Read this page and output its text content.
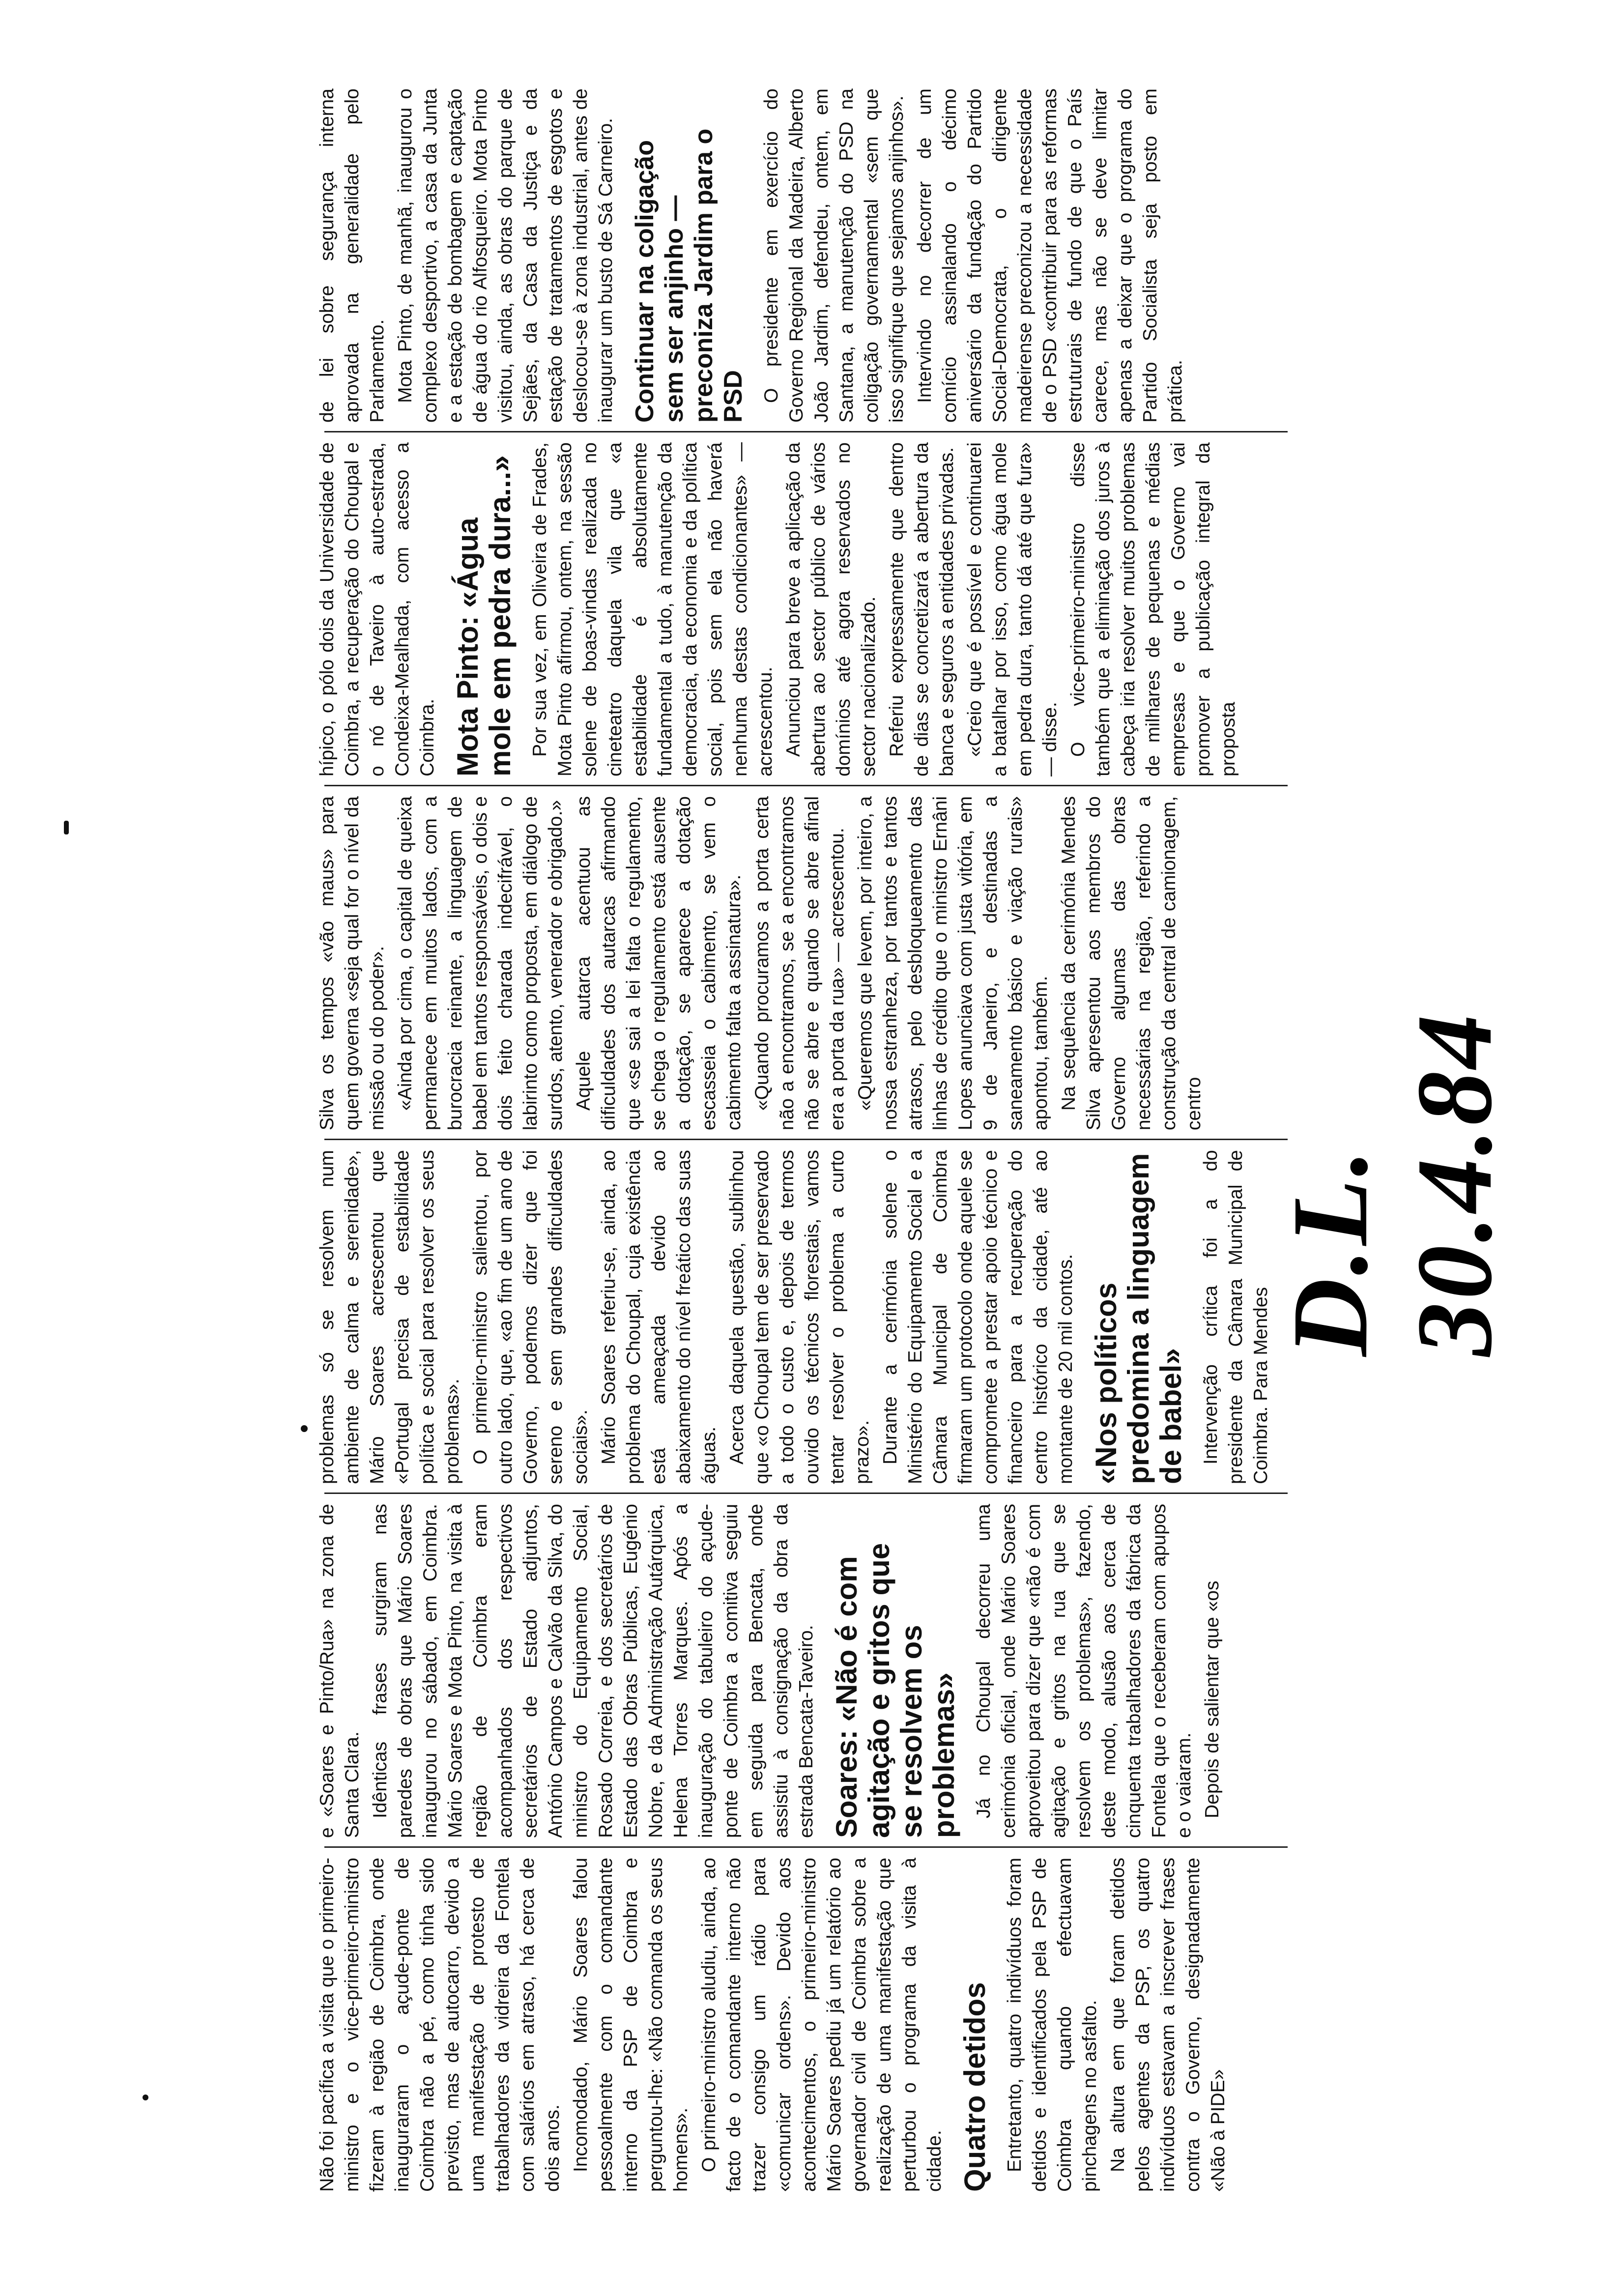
D.L. 30.4.84

Não foi pacífica a visita que o primeiro-ministro e o vice-primeiro-ministro fizeram à região de Coimbra, onde inauguraram o açude-ponte de Coimbra não a pé, como tinha sido previsto, mas de autocarro, devido a uma manifestação de protesto de trabalhadores da vidreira da Fontela com salários em atraso, há cerca de dois anos. Incomodado, Mário Soares falou pessoalmente com o comandante interno da PSP de Coimbra e perguntou-lhe: «Não comanda os seus homens». O primeiro-ministro aludiu, ainda, ao facto de o comandante interno não trazer consigo um rádio para «comunicar ordens». Devido aos acontecimentos, o primeiro-ministro Mário Soares pediu já um relatório ao governador civil de Coimbra sobre a realização de uma manifestação que perturbou o programa da visita à cidade. Quatro detidos Entretanto, quatro indivíduos foram detidos e identificados pela PSP de Coimbra quando efectuavam pinchagens no asfalto. Na altura em que foram detidos pelos agentes da PSP, os quatro indivíduos estavam a inscrever frases contra o Governo, designadamente «Não à PIDE»

e «Soares e Pinto/Rua» na zona de Santa Clara. Idênticas frases surgiram nas paredes de obras que Mário Soares inaugurou no sábado, em Coimbra. Mário Soares e Mota Pinto, na visita à região de Coimbra eram acompanhados dos respectivos secretários de Estado adjuntos, António Campos e Calvão da Silva, do ministro do Equipamento Social, Rosado Correia, e dos secretários de Estado das Obras Públicas, Eugénio Nobre, e da Administração Autárquica, Helena Torres Marques. Após a inauguração do tabuleiro do açude-ponte de Coimbra a comitiva seguiu em seguida para Bencata, onde assistiu à consignação da obra da estrada Bencata-Taveiro. Soares: «Não é com agitação e gritos que se resolvem os problemas» Já no Choupal decorreu uma cerimónia oficial, onde Mário Soares aproveitou para dizer que «não é com agitação e gritos na rua que se resolvem os problemas», fazendo, deste modo, alusão aos cerca de cinquenta trabalhadores da fábrica da Fontela que o receberam com apupos e o vaiaram. Depois de salientar que «os

problemas só se resolvem num ambiente de calma e serenidade», Mário Soares acrescentou que «Portugal precisa de estabilidade política e social para resolver os seus problemas». O primeiro-ministro salientou, por outro lado, que, «ao fim de um ano de Governo, podemos dizer que foi sereno e sem grandes dificuldades sociais». Mário Soares referiu-se, ainda, ao problema do Choupal, cuja existência está ameaçada devido ao abaixamento do nível freático das suas águas. Acerca daquela questão, sublinhou que «o Choupal tem de ser preservado a todo o custo e, depois de termos ouvido os técnicos florestais, vamos tentar resolver o problema a curto prazo». Durante a cerimónia solene o Ministério do Equipamento Social e a Câmara Municipal de Coimbra firmaram um protocolo onde aquele se compromete a prestar apoio técnico e financeiro para a recuperação do centro histórico da cidade, até ao montante de 20 mil contos. «Nos políticos predomina a linguagem de babel» Intervenção crítica foi a do presidente da Câmara Municipal de Coimbra. Para Mendes

Silva os tempos «vão maus» para quem governa «seja qual for o nível da missão ou do poder». «Ainda por cima, o capital de queixa permanece em muitos lados, com a burocracia reinante, a linguagem de babel em tantos responsáveis, o dois e dois feito charada indecifrável, o labirinto como proposta, em diálogo de surdos, atento, venerador e obrigado.» Aquele autarca acentuou as dificuldades dos autarcas afirmando que «se sai a lei falta o regulamento, se chega o regulamento está ausente a dotação, se aparece a dotação escasseia o cabimento, se vem o cabimento falta a assinatura». «Quando procuramos a porta certa não a encontramos, se a encontramos não se abre e quando se abre afinal era a porta da rua» — acrescentou. «Queremos que levem, por inteiro, a nossa estranheza, por tantos e tantos atrasos, pelo desbloqueamento das linhas de crédito que o ministro Ernâni Lopes anunciava com justa vitória, em 9 de Janeiro, e destinadas a saneamento básico e viação rurais» apontou, também. Na sequência da cerimónia Mendes Silva apresentou aos membros do Governo algumas das obras necessárias na região, referindo a construção da central de camionagem, centro

hípico, o pólo dois da Universidade de Coimbra, a recuperação do Choupal e o nó de Taveiro à auto-estrada, Condeixa-Mealhada, com acesso a Coimbra. Mota Pinto: «Água mole em pedra dura...» Por sua vez, em Oliveira de Frades, Mota Pinto afirmou, ontem, na sessão solene de boas-vindas realizada no cineteatro daquela vila que «a estabilidade é absolutamente fundamental a tudo, à manutenção da democracia, da economia e da política social, pois sem ela não haverá nenhuma destas condicionantes» — acrescentou. Anunciou para breve a aplicação da abertura ao sector público de vários domínios até agora reservados no sector nacionalizado. Referiu expressamente que dentro de dias se concretizará a abertura da banca e seguros a entidades privadas. «Creio que é possível e continuarei a batalhar por isso, como água mole em pedra dura, tanto dá até que fura» — disse. O vice-primeiro-ministro disse também que a eliminação dos juros à cabeça iria resolver muitos problemas de milhares de pequenas e médias empresas e que o Governo vai promover a publicação integral da proposta

de lei sobre segurança interna aprovada na generalidade pelo Parlamento. Mota Pinto, de manhã, inaugurou o complexo desportivo, a casa da Junta e a estação de bombagem e captação de água do rio Alfosqueiro. Mota Pinto visitou, ainda, as obras do parque de Sejães, da Casa da Justiça e da estação de tratamentos de esgotos e deslocou-se à zona industrial, antes de inaugurar um busto de Sá Carneiro. Continuar na coligação sem ser anjinho — preconiza Jardim para o PSD O presidente em exercício do Governo Regional da Madeira, Alberto João Jardim, defendeu, ontem, em Santana, a manutenção do PSD na coligação governamental «sem que isso signifique que sejamos anjinhos». Intervindo no decorrer de um comício assinalando o décimo aniversário da fundação do Partido Social-Democrata, o dirigente madeirense preconizou a necessidade de o PSD «contribuir para as reformas estruturais de fundo de que o País carece, mas não se deve limitar apenas a deixar que o programa do Partido Socialista seja posto em prática.
